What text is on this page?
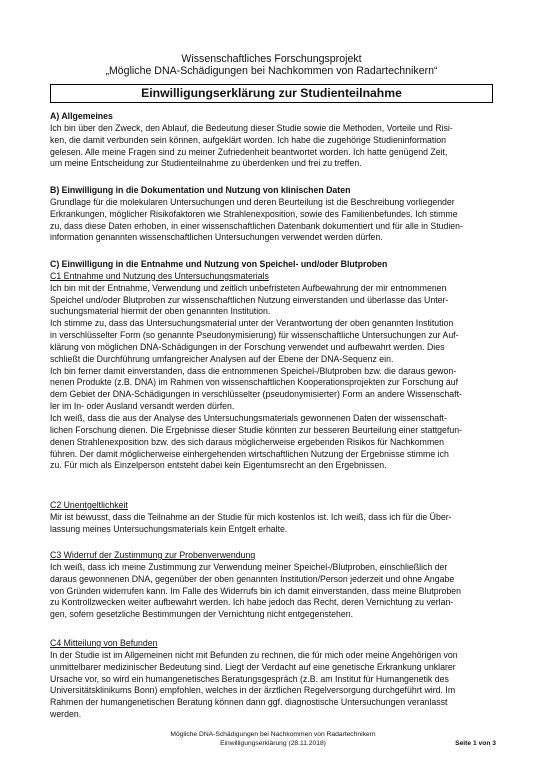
Wissenschaftliches Forschungsprojekt
„Mögliche DNA-Schädigungen bei Nachkommen von Radartechnikern“
Einwilligungserklärung zur Studienteilnahme

A) Allgemeines

Ich bin über den Zweck, den Ablauf, die Bedeutung dieser Studie sowie die Methoden, Vorteile und Risi-

ken, die damit verbunden sein können, aufgeklärt worden. Ich habe die zugehörige Studieninformation

gelesen. Alle meine Fragen sind zu meiner Zufriedenheit beantwortet worden. Ich hatte genügend Zeit,

um meine Entscheidung zur Studienteilnahme zu überdenken und frei zu treffen.

B) Einwilligung in die Dokumentation und Nutzung von klinischen Daten

Grundlage für die molekularen Untersuchungen und deren Beurteilung ist die Beschreibung vorliegender

Erkrankungen, möglicher Risikofaktoren wie Strahlenexposition, sowie des Familienbefundes. Ich stimme

zu, dass diese Daten erhoben, in einer wissenschaftlichen Datenbank dokumentiert und für alle in Studien-

information genannten wissenschaftlichen Untersuchungen verwendet werden dürfen.

C) Einwilligung in die Entnahme und Nutzung von Speichel- und/oder Blutproben

C1 Entnahme und Nutzung des Untersuchungsmaterials

Ich bin mit der Entnahme, Verwendung und zeitlich unbefristeten Aufbewahrung der mir entnommenen

Speichel und/oder Blutproben zur wissenschaftlichen Nutzung einverstanden und überlasse das Unter-

suchungsmaterial hiermit der oben genannten Institution.

Ich stimme zu, dass das Untersuchungsmaterial unter der Verantwortung der oben genannten Institution

in verschlüsselter Form (so genannte Pseudonymisierung) für wissenschaftliche Untersuchungen zur Auf-

klärung von möglichen DNA-Schädigungen in der Forschung verwendet und aufbewahrt werden. Dies

schließt die Durchführung umfangreicher Analysen auf der Ebene der DNA-Sequenz ein.

Ich bin ferner damit einverstanden, dass die entnommenen Speichel-/Blutproben bzw. die daraus gewon-

nenen Produkte (z.B. DNA) im Rahmen von wissenschaftlichen Kooperationsprojekten zur Forschung auf

dem Gebiet der DNA-Schädigungen in verschlüsselter (pseudonymisierter) Form an andere Wissenschaft-

ler im In- oder Ausland versandt werden dürfen.

Ich weiß, dass die aus der Analyse des Untersuchungsmaterials gewonnenen Daten der wissenschaft-

lichen Forschung dienen. Die Ergebnisse dieser Studie könnten zur besseren Beurteilung einer stattgefun-

denen Strahlenexposition bzw. des sich daraus möglicherweise ergebenden Risikos für Nachkommen

führen. Der damit möglicherweise einhergehenden wirtschaftlichen Nutzung der Ergebnisse stimme ich

zu. Für mich als Einzelperson entsteht dabei kein Eigentumsrecht an den Ergebnissen.

C2 Unentgeltlichkeit

Mir ist bewusst, dass die Teilnahme an der Studie für mich kostenlos ist. Ich weiß, dass ich für die Über-

lassung meines Untersuchungsmaterials kein Entgelt erhalte.

C3 Widerruf der Zustimmung zur Probenverwendung

Ich weiß, dass ich meine Zustimmung zur Verwendung meiner Speichel-/Blutproben, einschließlich der

daraus gewonnenen DNA, gegenüber der oben genannten Institution/Person jederzeit und ohne Angabe

von Gründen widerrufen kann. Im Falle des Widerrufs bin ich damit einverstanden, dass meine Blutproben

zu Kontrollzwecken weiter aufbewahrt werden. Ich habe jedoch das Recht, deren Vernichtung zu verlan-

gen, sofern gesetzliche Bestimmungen der Vernichtung nicht entgegenstehen.

C4 Mitteilung von Befunden

In der Studie ist im Allgemeinen nicht mit Befunden zu rechnen, die für mich oder meine Angehörigen von

unmittelbarer medizinischer Bedeutung sind. Liegt der Verdacht auf eine genetische Erkrankung unklarer

Ursache vor, so wird ein humangenetisches Beratungsgespräch (z.B. am Institut für Humangenetik des

Universitätsklinikums Bonn) empfohlen, welches in der ärztlichen Regelversorgung durchgeführt wird. Im

Rahmen der humangenetischen Beratung können dann ggf. diagnostische Untersuchungen veranlasst

werden.

Mögliche DNA-Schädigungen bei Nachkommen von Radartechnikern
Einwilligungserklärung (28.11.2018)	Seite 1 von 3
